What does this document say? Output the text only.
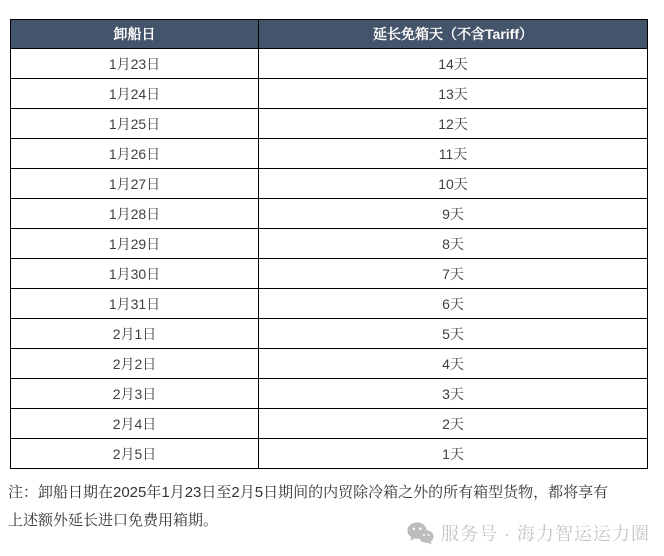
卸船日	延长免箱天（不含Tariff）
1月23日	14天
1月24日	13天
1月25日	12天
1月26日	11天
1月27日	10天
1月28日	9天
1月29日	8天
1月30日	7天
1月31日	6天
2月1日	5天
2月2日	4天
2月3日	3天
2月4日	2天
2月5日	1天
注：卸船日期在2025年1月23日至2月5日期间的内贸除冷箱之外的所有箱型货物，都将享有
上述额外延长进口免费用箱期。
服务号 · 海力智运运力圈
